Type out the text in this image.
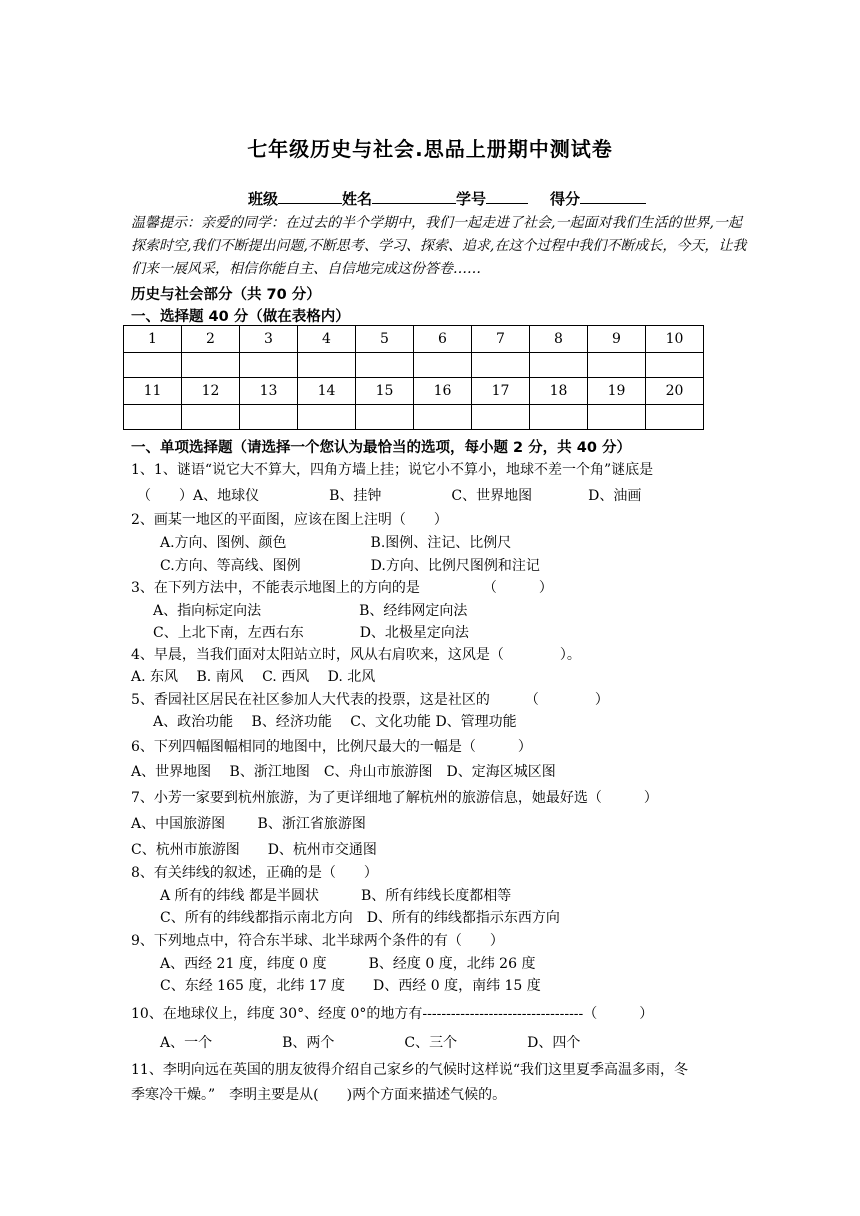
七年级历史与社会.思品上册期中测试卷
班级	姓名	学号	得分
温馨提示：亲爱的同学：在过去的半个学期中，我们一起走进了社会,一起面对我们生活的世界,一起探索时空,我们不断提出问题,不断思考、学习、探索、追求,在这个过程中我们不断成长，今天，让我们来一展风采，相信你能自主、自信地完成这份答卷……
历史与社会部分（共 70 分）
一、选择题 40 分（做在表格内）
1	2	3	4	5	6	7	8	9	10

11	12	13	14	15	16	17	18	19	20

一、单项选择题（请选择一个您认为最恰当的选项，每小题 2 分，共 40 分）
1、1、谜语“说它大不算大，四角方墙上挂；说它小不算小，地球不差一个角”谜底是
（　　）A、地球仪　　　　　B、挂钟　　　　　C、世界地图　　　　D、油画
2、画某一地区的平面图，应该在图上注明（　　）
A.方向、图例、颜色　　　　　　B.图例、注记、比例尺
C.方向、等高线、图例　　　　　D.方向、比例尺图例和注记
3、在下列方法中，不能表示地图上的方向的是　　　　　（　　　）
A、指向标定向法　　　　　　　B、经纬网定向法
C、上北下南，左西右东　　　　D、北极星定向法
4、早晨，当我们面对太阳站立时，风从右肩吹来，这风是（　　　　）。
A. 东风　 B. 南风　 C. 西风　 D. 北风
5、香园社区居民在社区参加人大代表的投票，这是社区的　　　（　　　　）
A、政治功能　 B、经济功能　 C、文化功能 D、管理功能
6、下列四幅图幅相同的地图中，比例尺最大的一幅是（　　　）
A、世界地图　 B、浙江地图　C、舟山市旅游图　D、定海区城区图
7、小芳一家要到杭州旅游，为了更详细地了解杭州的旅游信息，她最好选（　　　）
A、中国旅游图　　 B、浙江省旅游图
C、杭州市旅游图　　D、杭州市交通图
8、有关纬线的叙述，正确的是（　　）
A 所有的纬线 都是半圆状　　　B、所有纬线长度都相等
C、所有的纬线都指示南北方向　D、所有的纬线都指示东西方向
9、下列地点中，符合东半球、北半球两个条件的有（　　）
A、西经 21 度，纬度 0 度　　　B、经度 0 度，北纬 26 度
C、东经 165 度，北纬 17 度　　D、西经 0 度，南纬 15 度
10、在地球仪上，纬度 30°、经度 0°的地方有----------------------------------（　　　）
A、一个　　　　　B、两个　　　　　C、三个　　　　　D、四个
11、李明向远在英国的朋友彼得介绍自己家乡的气候时这样说“我们这里夏季高温多雨，冬
季寒冷干燥。”　李明主要是从(　　)两个方面来描述气候的。
